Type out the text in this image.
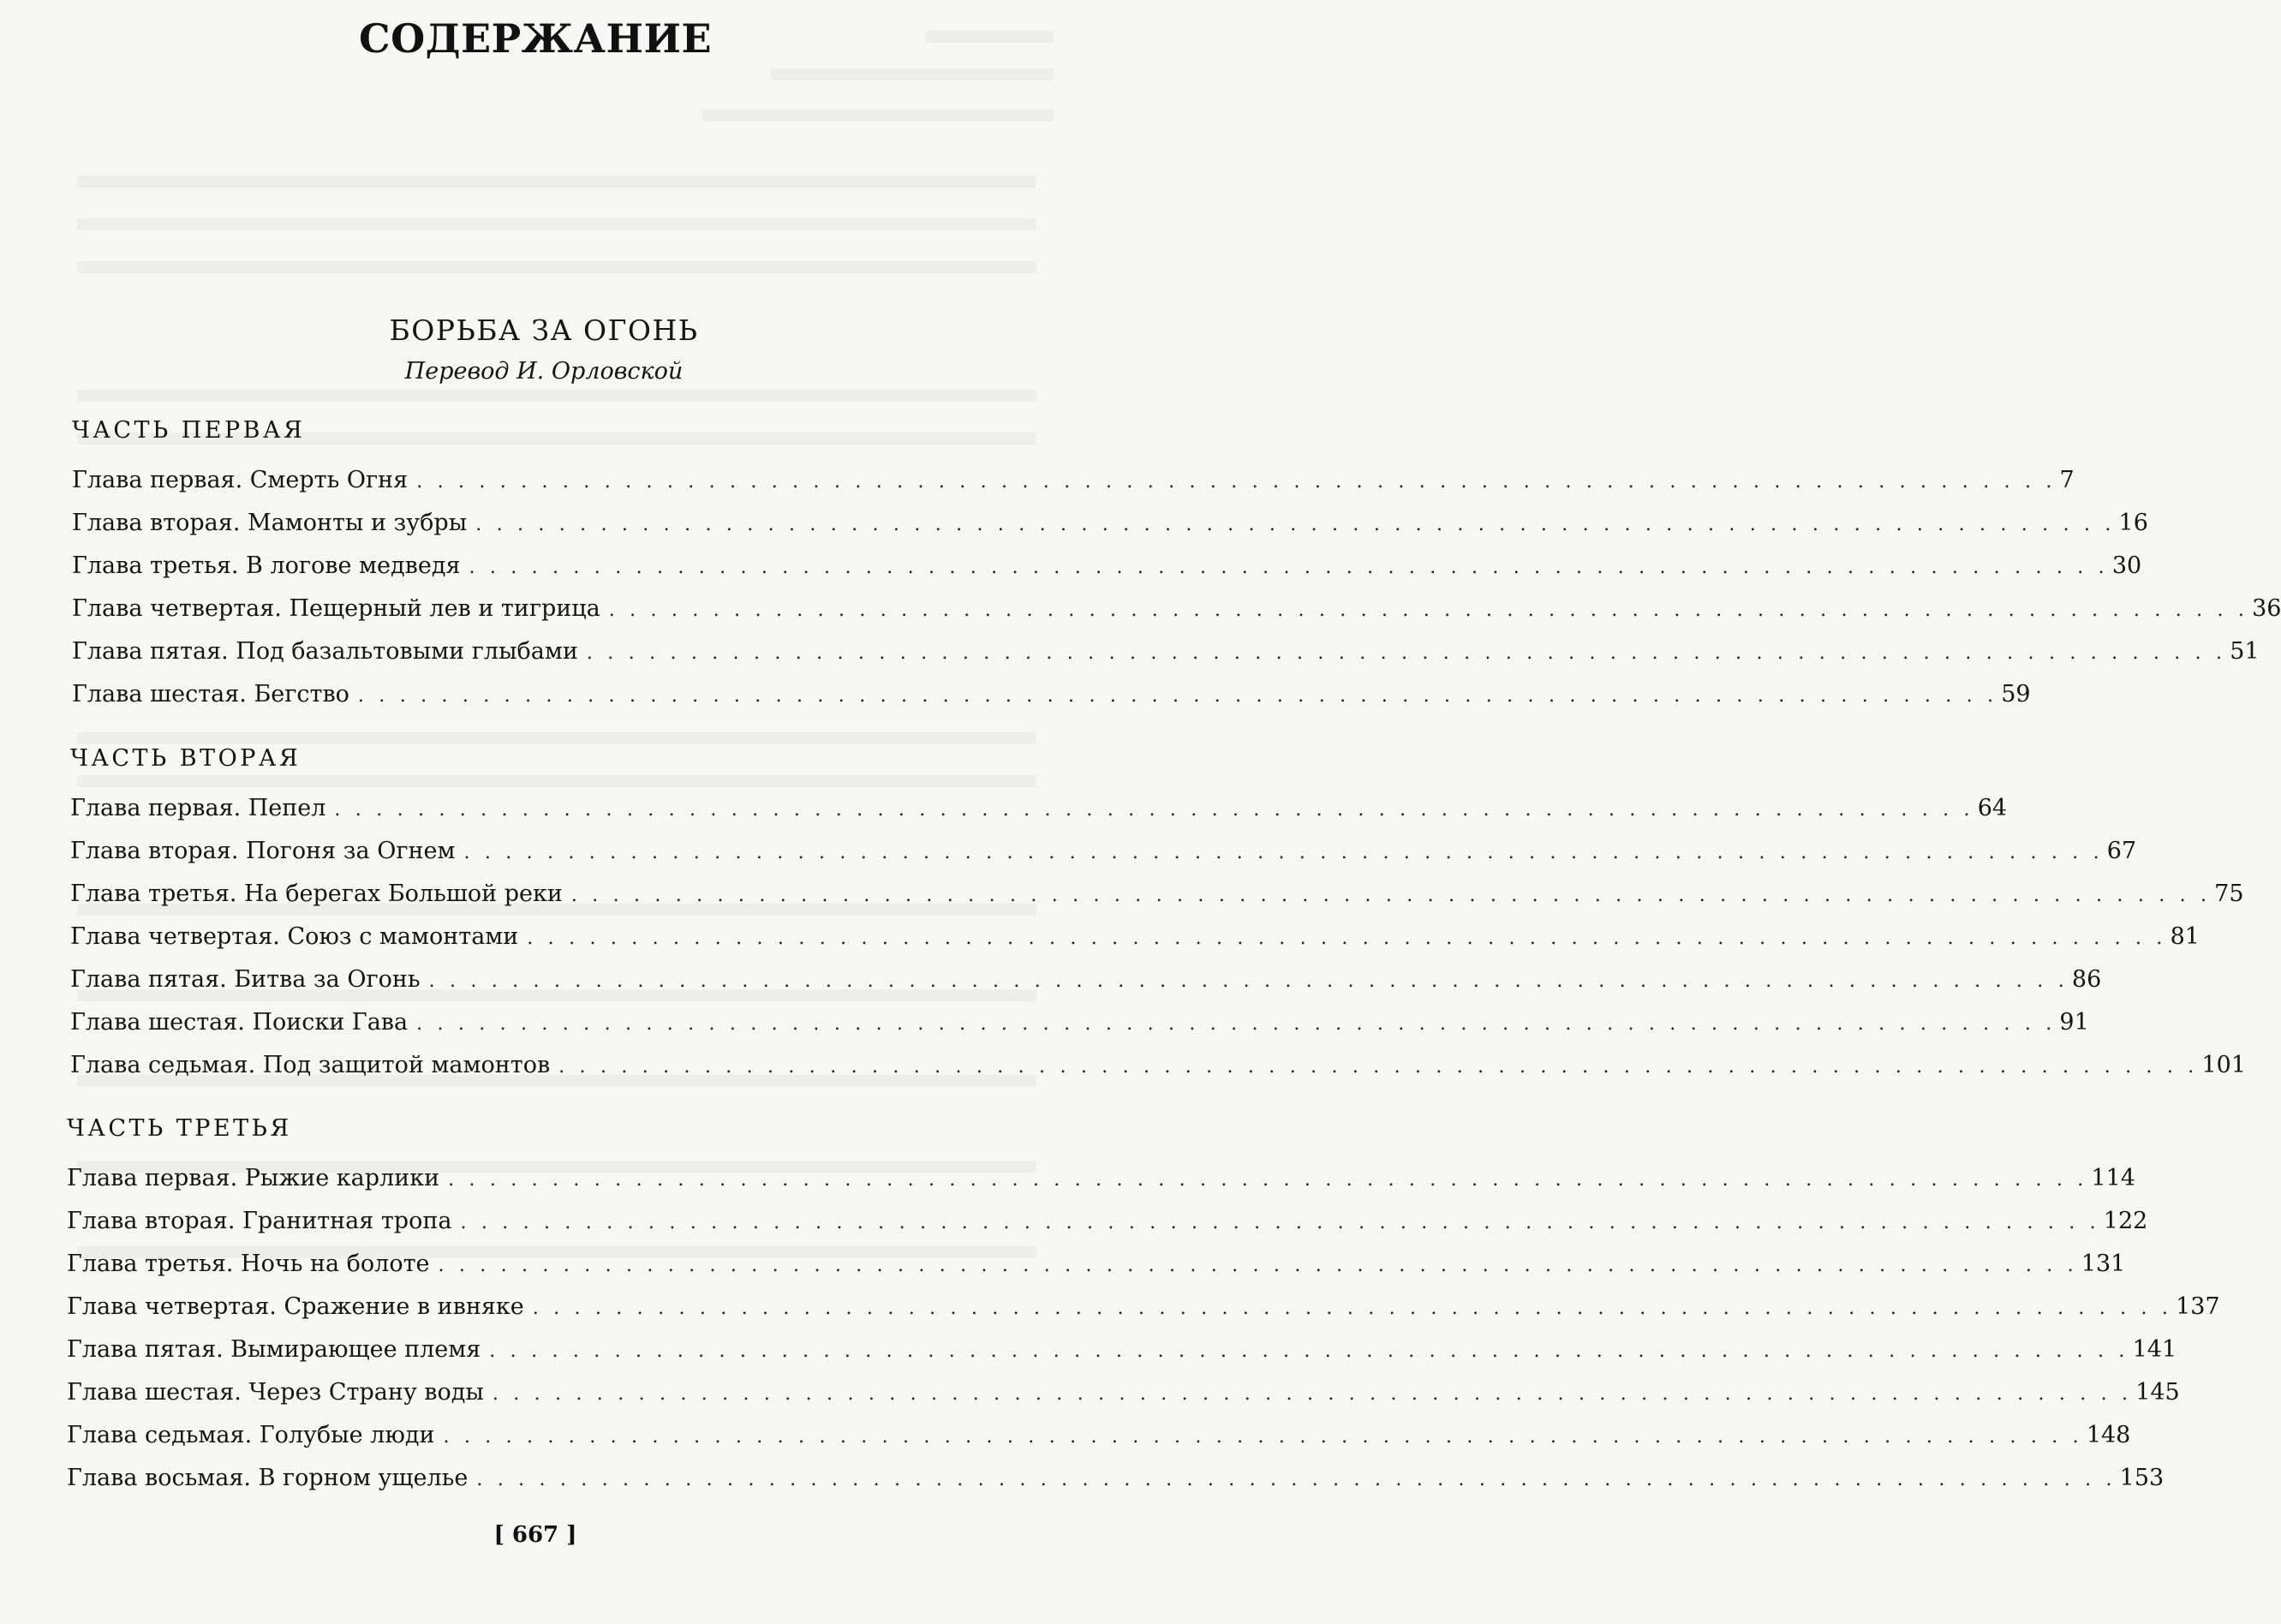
СОДЕРЖАНИЕ
БОРЬБА ЗА ОГОНЬ
Перевод И. Орловской
ЧАСТЬ ПЕРВАЯ
Глава первая. Смерть Огня . . . . . . . . . . . . . . . . . . . . . . . . . . . . . . . . . . . . . . . . . . . . . . . . . . . . . . . . . . . . . . . . . . . . . . . . . . . . . . . 7
Глава вторая. Мамонты и зубры . . . . . . . . . . . . . . . . . . . . . . . . . . . . . . . . . . . . . . . . . . . . . . . . . . . . . . . . . . . . . . . . . . . . . . . . . . . . . . . 16
Глава третья. В логове медведя . . . . . . . . . . . . . . . . . . . . . . . . . . . . . . . . . . . . . . . . . . . . . . . . . . . . . . . . . . . . . . . . . . . . . . . . . . . . . . . 30
Глава четвертая. Пещерный лев и тигрица . . . . . . . . . . . . . . . . . . . . . . . . . . . . . . . . . . . . . . . . . . . . . . . . . . . . . . . . . . . . . . . . . . . . . . . . . . . . . . . 36
Глава пятая. Под базальтовыми глыбами . . . . . . . . . . . . . . . . . . . . . . . . . . . . . . . . . . . . . . . . . . . . . . . . . . . . . . . . . . . . . . . . . . . . . . . . . . . . . . . 51
Глава шестая. Бегство . . . . . . . . . . . . . . . . . . . . . . . . . . . . . . . . . . . . . . . . . . . . . . . . . . . . . . . . . . . . . . . . . . . . . . . . . . . . . . . 59
ЧАСТЬ ВТОРАЯ
Глава первая. Пепел . . . . . . . . . . . . . . . . . . . . . . . . . . . . . . . . . . . . . . . . . . . . . . . . . . . . . . . . . . . . . . . . . . . . . . . . . . . . . . . 64
Глава вторая. Погоня за Огнем . . . . . . . . . . . . . . . . . . . . . . . . . . . . . . . . . . . . . . . . . . . . . . . . . . . . . . . . . . . . . . . . . . . . . . . . . . . . . . . 67
Глава третья. На берегах Большой реки . . . . . . . . . . . . . . . . . . . . . . . . . . . . . . . . . . . . . . . . . . . . . . . . . . . . . . . . . . . . . . . . . . . . . . . . . . . . . . . 75
Глава четвертая. Союз с мамонтами . . . . . . . . . . . . . . . . . . . . . . . . . . . . . . . . . . . . . . . . . . . . . . . . . . . . . . . . . . . . . . . . . . . . . . . . . . . . . . . 81
Глава пятая. Битва за Огонь . . . . . . . . . . . . . . . . . . . . . . . . . . . . . . . . . . . . . . . . . . . . . . . . . . . . . . . . . . . . . . . . . . . . . . . . . . . . . . . 86
Глава шестая. Поиски Гава . . . . . . . . . . . . . . . . . . . . . . . . . . . . . . . . . . . . . . . . . . . . . . . . . . . . . . . . . . . . . . . . . . . . . . . . . . . . . . . 91
Глава седьмая. Под защитой мамонтов . . . . . . . . . . . . . . . . . . . . . . . . . . . . . . . . . . . . . . . . . . . . . . . . . . . . . . . . . . . . . . . . . . . . . . . . . . . . . . . 101
ЧАСТЬ ТРЕТЬЯ
Глава первая. Рыжие карлики . . . . . . . . . . . . . . . . . . . . . . . . . . . . . . . . . . . . . . . . . . . . . . . . . . . . . . . . . . . . . . . . . . . . . . . . . . . . . . . 114
Глава вторая. Гранитная тропа . . . . . . . . . . . . . . . . . . . . . . . . . . . . . . . . . . . . . . . . . . . . . . . . . . . . . . . . . . . . . . . . . . . . . . . . . . . . . . . 122
Глава третья. Ночь на болоте . . . . . . . . . . . . . . . . . . . . . . . . . . . . . . . . . . . . . . . . . . . . . . . . . . . . . . . . . . . . . . . . . . . . . . . . . . . . . . . 131
Глава четвертая. Сражение в ивняке . . . . . . . . . . . . . . . . . . . . . . . . . . . . . . . . . . . . . . . . . . . . . . . . . . . . . . . . . . . . . . . . . . . . . . . . . . . . . . . 137
Глава пятая. Вымирающее племя . . . . . . . . . . . . . . . . . . . . . . . . . . . . . . . . . . . . . . . . . . . . . . . . . . . . . . . . . . . . . . . . . . . . . . . . . . . . . . . 141
Глава шестая. Через Страну воды . . . . . . . . . . . . . . . . . . . . . . . . . . . . . . . . . . . . . . . . . . . . . . . . . . . . . . . . . . . . . . . . . . . . . . . . . . . . . . . 145
Глава седьмая. Голубые люди . . . . . . . . . . . . . . . . . . . . . . . . . . . . . . . . . . . . . . . . . . . . . . . . . . . . . . . . . . . . . . . . . . . . . . . . . . . . . . . 148
Глава восьмая. В горном ущелье . . . . . . . . . . . . . . . . . . . . . . . . . . . . . . . . . . . . . . . . . . . . . . . . . . . . . . . . . . . . . . . . . . . . . . . . . . . . . . . 153
[ 667 ]
